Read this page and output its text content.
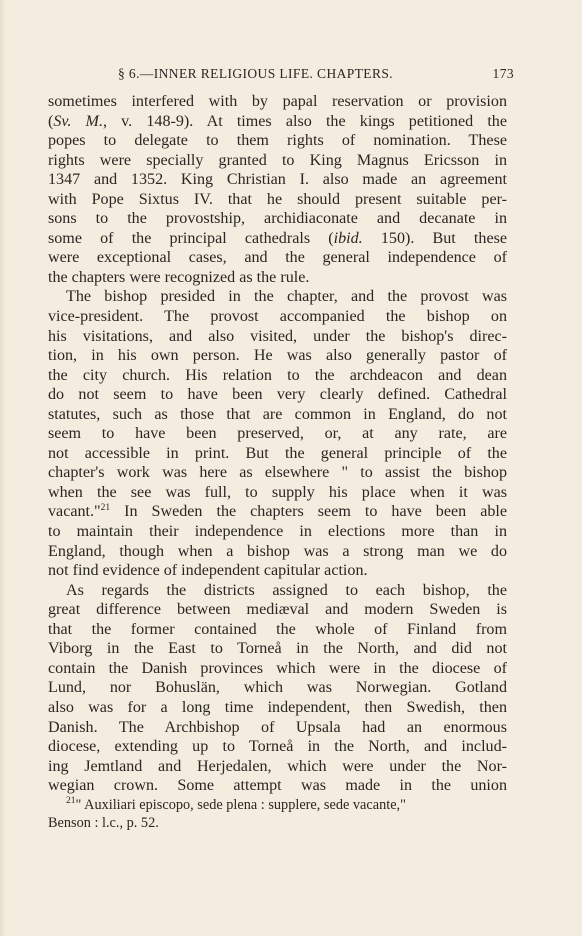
§ 6.—INNER RELIGIOUS LIFE. CHAPTERS.	173
sometimes interfered with by papal reservation or provision
(Sv. M., v. 148-9). At times also the kings petitioned the
popes to delegate to them rights of nomination. These
rights were specially granted to King Magnus Ericsson in
1347 and 1352. King Christian I. also made an agreement
with Pope Sixtus IV. that he should present suitable per-
sons to the provostship, archidiaconate and decanate in
some of the principal cathedrals (ibid. 150). But these
were exceptional cases, and the general independence of
the chapters were recognized as the rule.
The bishop presided in the chapter, and the provost was
vice-president. The provost accompanied the bishop on
his visitations, and also visited, under the bishop's direc-
tion, in his own person. He was also generally pastor of
the city church. His relation to the archdeacon and dean
do not seem to have been very clearly defined. Cathedral
statutes, such as those that are common in England, do not
seem to have been preserved, or, at any rate, are
not accessible in print. But the general principle of the
chapter's work was here as elsewhere " to assist the bishop
when the see was full, to supply his place when it was
vacant."$^{21}$ In Sweden the chapters seem to have been able
to maintain their independence in elections more than in
England, though when a bishop was a strong man we do
not find evidence of independent capitular action.
As regards the districts assigned to each bishop, the
great difference between mediæval and modern Sweden is
that the former contained the whole of Finland from
Viborg in the East to Torneå in the North, and did not
contain the Danish provinces which were in the diocese of
Lund, nor Bohuslän, which was Norwegian. Gotland
also was for a long time independent, then Swedish, then
Danish. The Archbishop of Upsala had an enormous
diocese, extending up to Torneå in the North, and includ-
ing Jemtland and Herjedalen, which were under the Nor-
wegian crown. Some attempt was made in the union
$^{21}$" Auxiliari episcopo, sede plena : supplere, sede vacante,"
Benson : l.c., p. 52.
